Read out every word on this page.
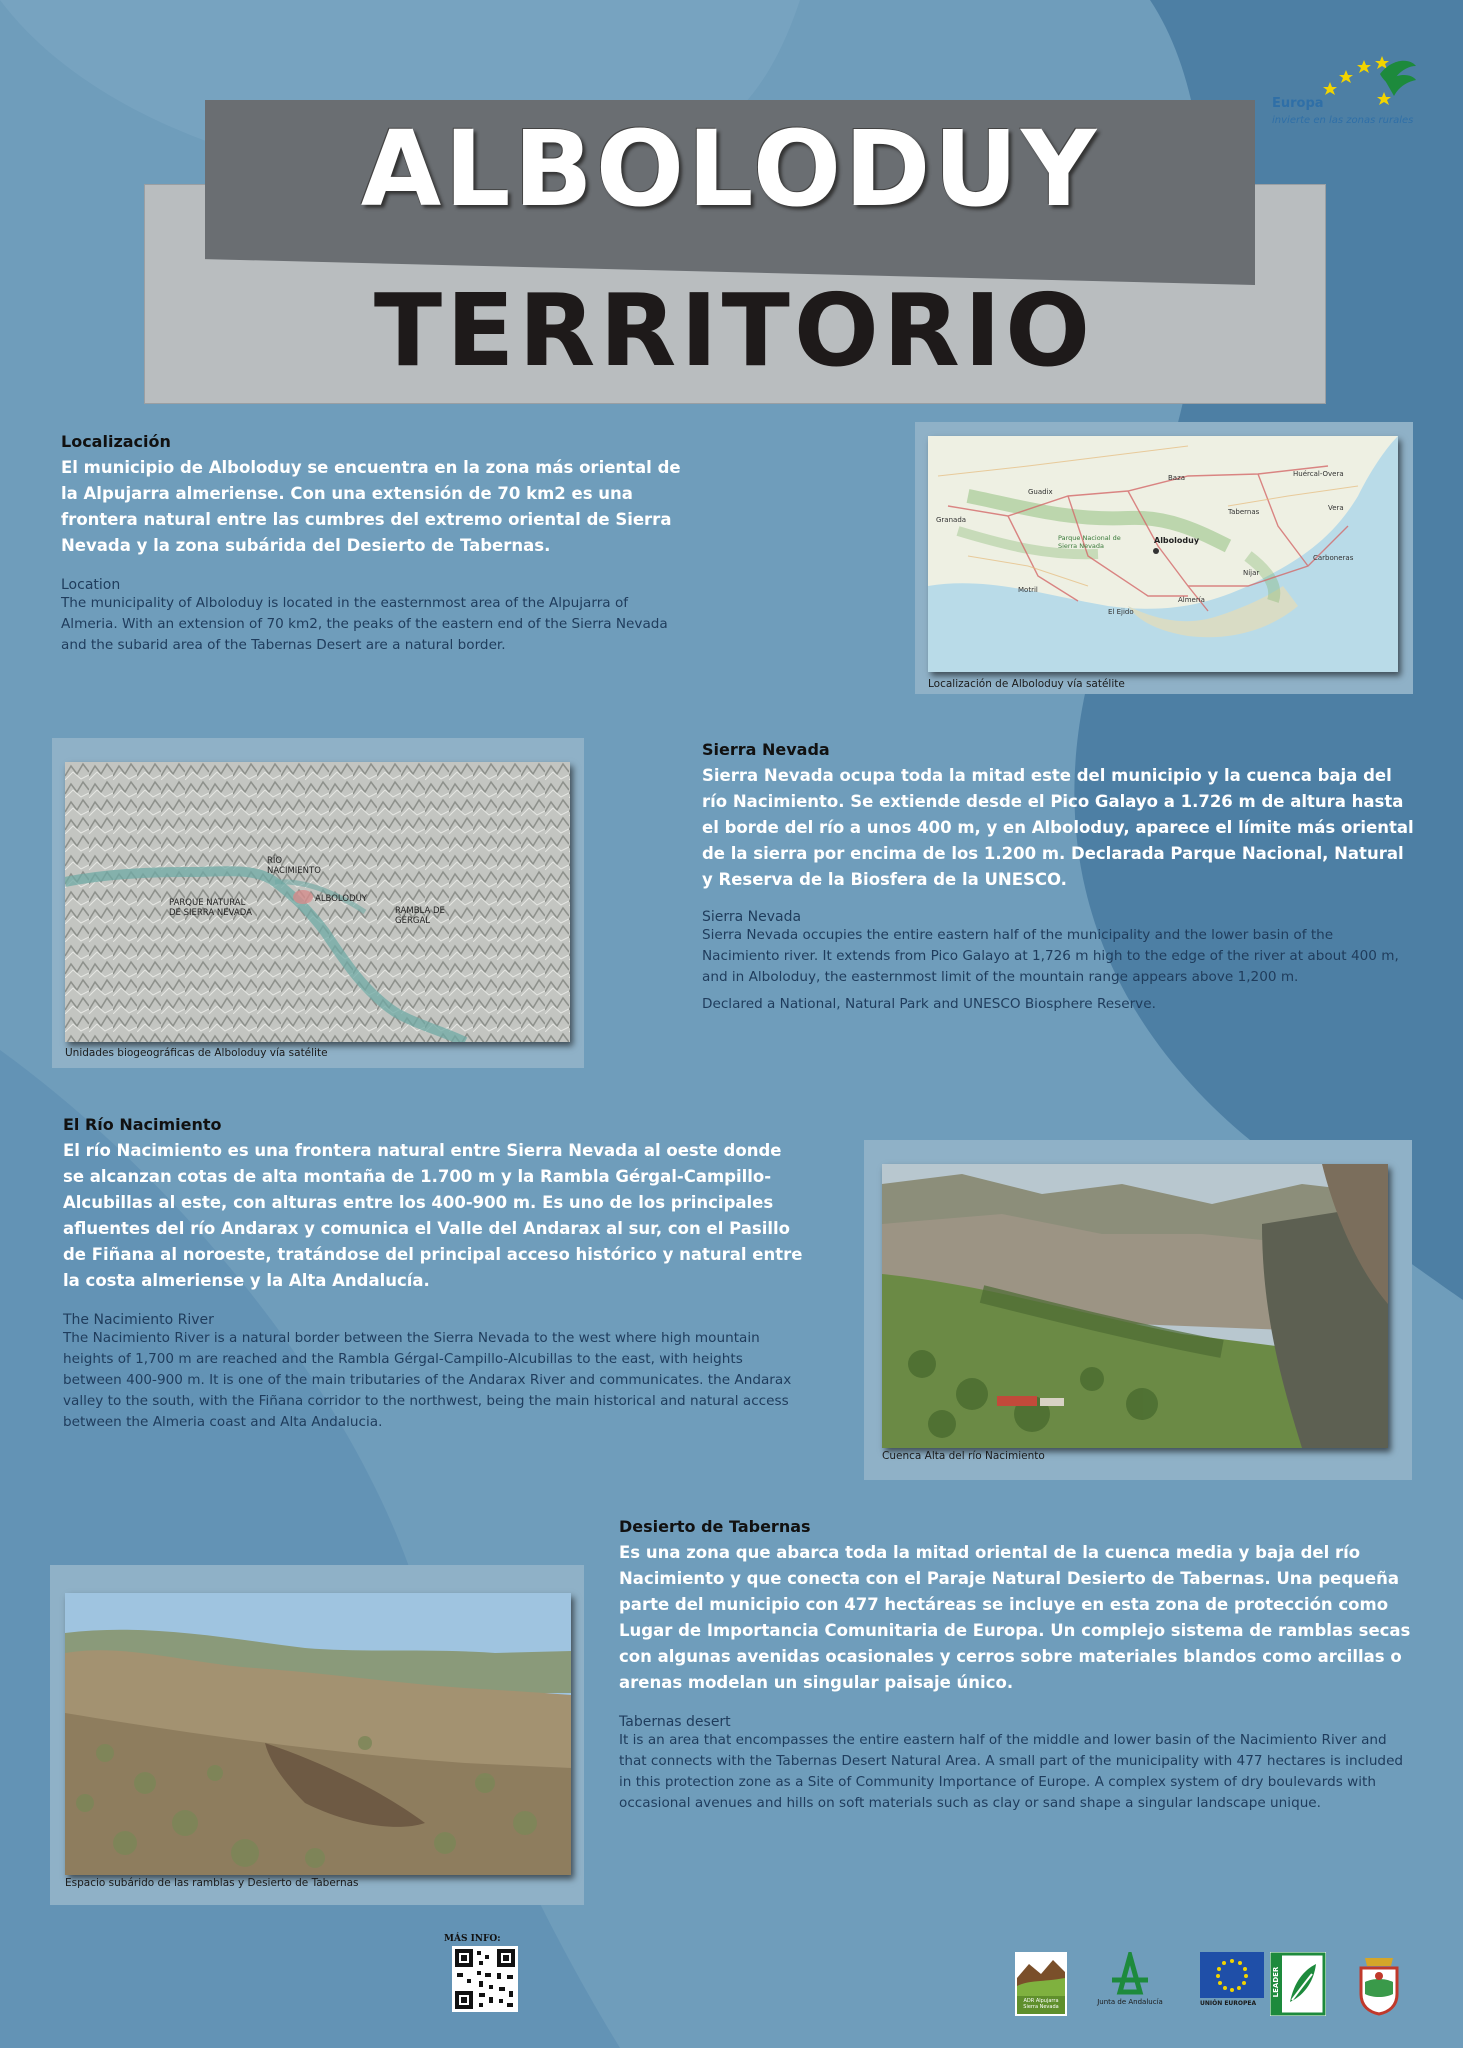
ALBOLODUY
TERRITORIO
Europa
invierte en las zonas rurales
Localización
El municipio de Alboloduy se encuentra en la zona más oriental de la Alpujarra almeriense. Con una extensión de 70 km2 es una frontera natural entre las cumbres del extremo oriental de Sierra Nevada y la zona subárida del Desierto de Tabernas.
Location
The municipality of Alboloduy is located in the easternmost area of the Alpujarra of Almeria. With an extension of 70 km2, the peaks of the eastern end of the Sierra Nevada and the subarid area of the Tabernas Desert are a natural border.
Alboloduy
Almería
Granada
Guadix
Baza	Huércal-Overa
Motril
El Ejido
Níjar
Carboneras
Vera
Tabernas
Parque Nacional de Sierra Nevada
Localización de Alboloduy vía satélite
RÍO NACIMIENTO
ALBOLODUY
PARQUE NATURAL DE SIERRA NEVADA	RAMBLA DE GÉRGAL
Unidades biogeográficas de Alboloduy vía satélite
Sierra Nevada
Sierra Nevada ocupa toda la mitad este del municipio y la cuenca baja del río Nacimiento. Se extiende desde el Pico Galayo a 1.726 m de altura hasta el borde del río a unos 400 m, y en Alboloduy, aparece el límite más oriental de la sierra por encima de los 1.200 m. Declarada Parque Nacional, Natural y Reserva de la Biosfera de la UNESCO.
Sierra Nevada
Sierra Nevada occupies the entire eastern half of the municipality and the lower basin of the Nacimiento river. It extends from Pico Galayo at 1,726 m high to the edge of the river at about 400 m, and in Alboloduy, the easternmost limit of the mountain range appears above 1,200 m.
Declared a National, Natural Park and UNESCO Biosphere Reserve.
El Río Nacimiento
El río Nacimiento es una frontera natural entre Sierra Nevada al oeste donde se alcanzan cotas de alta montaña de 1.700 m y la Rambla Gérgal-Campillo-Alcubillas al este, con alturas entre los 400-900 m. Es uno de los principales afluentes del río Andarax y comunica el Valle del Andarax al sur, con el Pasillo de Fiñana al noroeste, tratándose del principal acceso histórico y natural entre la costa almeriense y la Alta Andalucía.
The Nacimiento River
The Nacimiento River is a natural border between the Sierra Nevada to the west where high mountain heights of 1,700 m are reached and the Rambla Gérgal-Campillo-Alcubillas to the east, with heights between 400-900 m. It is one of the main tributaries of the Andarax River and communicates. the Andarax valley to the south, with the Fiñana corridor to the northwest, being the main historical and natural access between the Almeria coast and Alta Andalucia.
Cuenca Alta del río Nacimiento
Desierto de Tabernas
Es una zona que abarca toda la mitad oriental de la cuenca media y baja del río Nacimiento y que conecta con el Paraje Natural Desierto de Tabernas. Una pequeña parte del municipio con 477 hectáreas se incluye en esta zona de protección como Lugar de Importancia Comunitaria de Europa. Un complejo sistema de ramblas secas con algunas avenidas ocasionales y cerros sobre materiales blandos como arcillas o arenas modelan un singular paisaje único.
Tabernas desert
It is an area that encompasses the entire eastern half of the middle and lower basin of the Nacimiento River and that connects with the Tabernas Desert Natural Area. A small part of the municipality with 477 hectares is included in this protection zone as a Site of Community Importance of Europe. A complex system of dry boulevards with occasional avenues and hills on soft materials such as clay or sand shape a singular landscape unique.
Espacio subárido de las ramblas y Desierto de Tabernas
MÁS INFO:
ADR Alpujarra Sierra Nevada
Junta de Andalucía	UNIÓN EUROPEA
LEADER
